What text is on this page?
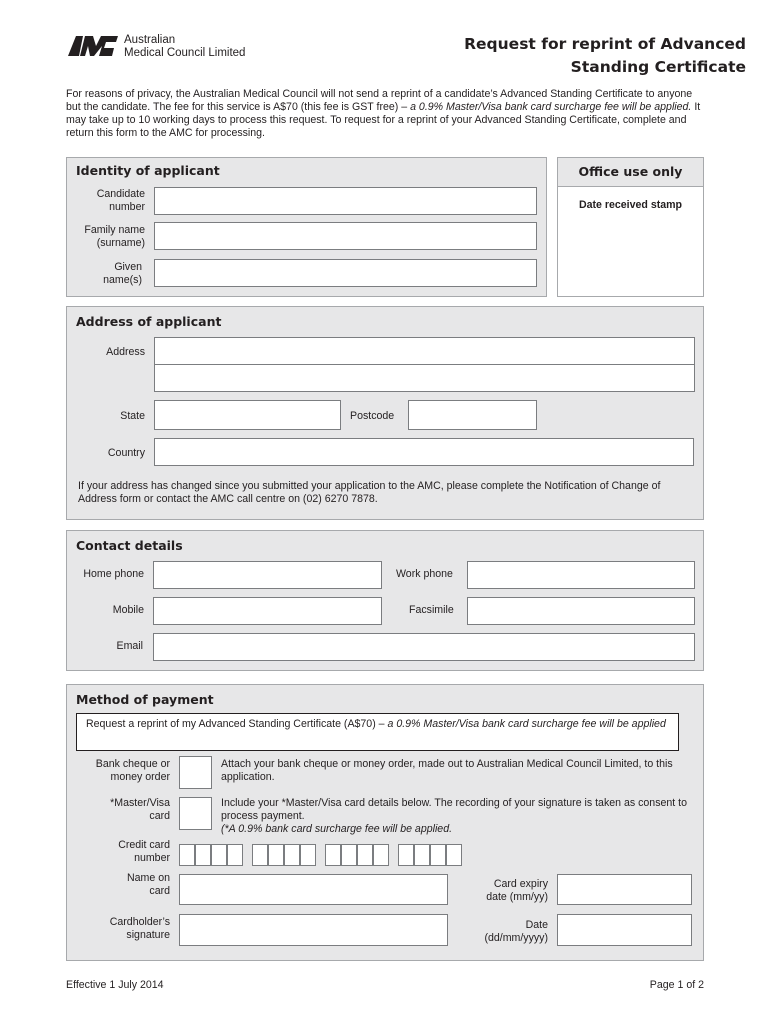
Australian
Medical Council Limited	Request for reprint of Advanced
Standing Certificate
For reasons of privacy, the Australian Medical Council will not send a reprint of a candidate’s Advanced Standing Certificate to anyone but the candidate. The fee for this service is A$70 (this fee is GST free) – a 0.9% Master/Visa bank card surcharge fee will be applied. It may take up to 10 working days to process this request. To request for a reprint of your Advanced Standing Certificate, complete and return this form to the AMC for processing.
Identity of applicant
Candidate
number
Family name
(surname)
Given
name(s)
Office use only
Date received stamp
Address of applicant
Address
State	Postcode
Country
If your address has changed since you submitted your application to the AMC, please complete the Notification of Change of Address form or contact the AMC call centre on (02) 6270 7878.
Contact details
Home phone	Work phone
Mobile	Facsimile
Email
Method of payment
Request a reprint of my Advanced Standing Certificate (A$70) – a 0.9% Master/Visa bank card surcharge fee will be applied
Bank cheque or
money order
Attach your bank cheque or money order, made out to Australian Medical Council Limited, to this application.
*Master/Visa
card
Include your *Master/Visa card details below. The recording of your signature is taken as consent to process payment.
(*A 0.9% bank card surcharge fee will be applied.
Credit card
number
Name on
card
Card expiry
date (mm/yy)
Cardholder’s
signature
Date
(dd/mm/yyyy)
Effective 1 July 2014	Page 1 of 2
